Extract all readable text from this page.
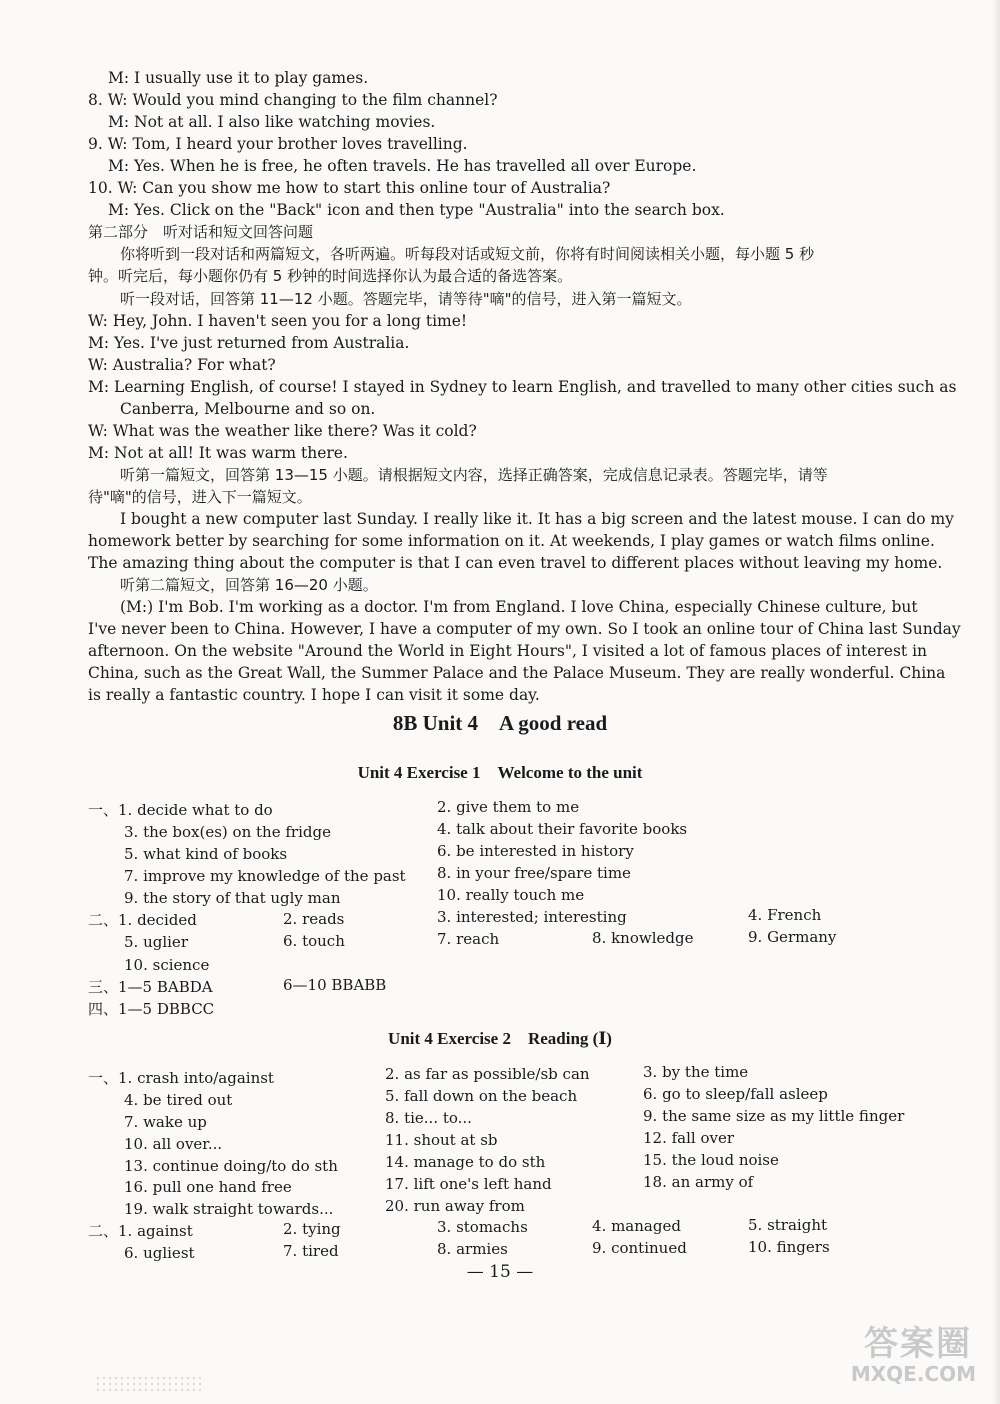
M: I usually use it to play games.
8. W: Would you mind changing to the film channel?
M: Not at all. I also like watching movies.
9. W: Tom, I heard your brother loves travelling.
M: Yes. When he is free, he often travels. He has travelled all over Europe.
10. W: Can you show me how to start this online tour of Australia?
M: Yes. Click on the "Back" icon and then type "Australia" into the search box.
第二部分　听对话和短文回答问题
你将听到一段对话和两篇短文，各听两遍。听每段对话或短文前，你将有时间阅读相关小题，每小题 5 秒
钟。听完后，每小题你仍有 5 秒钟的时间选择你认为最合适的备选答案。
听一段对话，回答第 11—12 小题。答题完毕，请等待"嘀"的信号，进入第一篇短文。
W: Hey, John. I haven't seen you for a long time!
M: Yes. I've just returned from Australia.
W: Australia? For what?
M: Learning English, of course! I stayed in Sydney to learn English, and travelled to many other cities such as
Canberra, Melbourne and so on.
W: What was the weather like there? Was it cold?
M: Not at all! It was warm there.
听第一篇短文，回答第 13—15 小题。请根据短文内容，选择正确答案，完成信息记录表。答题完毕，请等
待"嘀"的信号，进入下一篇短文。
I bought a new computer last Sunday. I really like it. It has a big screen and the latest mouse. I can do my
homework better by searching for some information on it. At weekends, I play games or watch films online.
The amazing thing about the computer is that I can even travel to different places without leaving my home.
听第二篇短文，回答第 16—20 小题。
(M:) I'm Bob. I'm working as a doctor. I'm from England. I love China, especially Chinese culture, but
I've never been to China. However, I have a computer of my own. So I took an online tour of China last Sunday
afternoon. On the website "Around the World in Eight Hours", I visited a lot of famous places of interest in
China, such as the Great Wall, the Summer Palace and the Palace Museum. They are really wonderful. China
is really a fantastic country. I hope I can visit it some day.
8B Unit 4　A good read
Unit 4 Exercise 1　Welcome to the unit
一、1. decide what to do	2. give them to me
3. the box(es) on the fridge	4. talk about their favorite books
5. what kind of books	6. be interested in history
7. improve my knowledge of the past 8. in your free/spare time
9. the story of that ugly man	10. really touch me
二、1. decided	2. reads	3. interested; interesting	4. French
5. uglier	6. touch	7. reach	8. knowledge	9. Germany
10. science
三、1—5 BABDA	6—10 BBABB
四、1—5 DBBCC
Unit 4 Exercise 2　Reading (Ⅰ)
一、1. crash into/against	2. as far as possible/sb can	3. by the time
4. be tired out	5. fall down on the beach	6. go to sleep/fall asleep
7. wake up	8. tie... to...	9. the same size as my little finger
10. all over...	11. shout at sb	12. fall over
13. continue doing/to do sth	14. manage to do sth	15. the loud noise
16. pull one hand free	17. lift one's left hand	18. an army of
19. walk straight towards...	20. run away from
二、1. against	2. tying	3. stomachs	4. managed	5. straight
6. ugliest	7. tired	8. armies	9. continued	10. fingers
— 15 —
答案圈
MXQE.COM
